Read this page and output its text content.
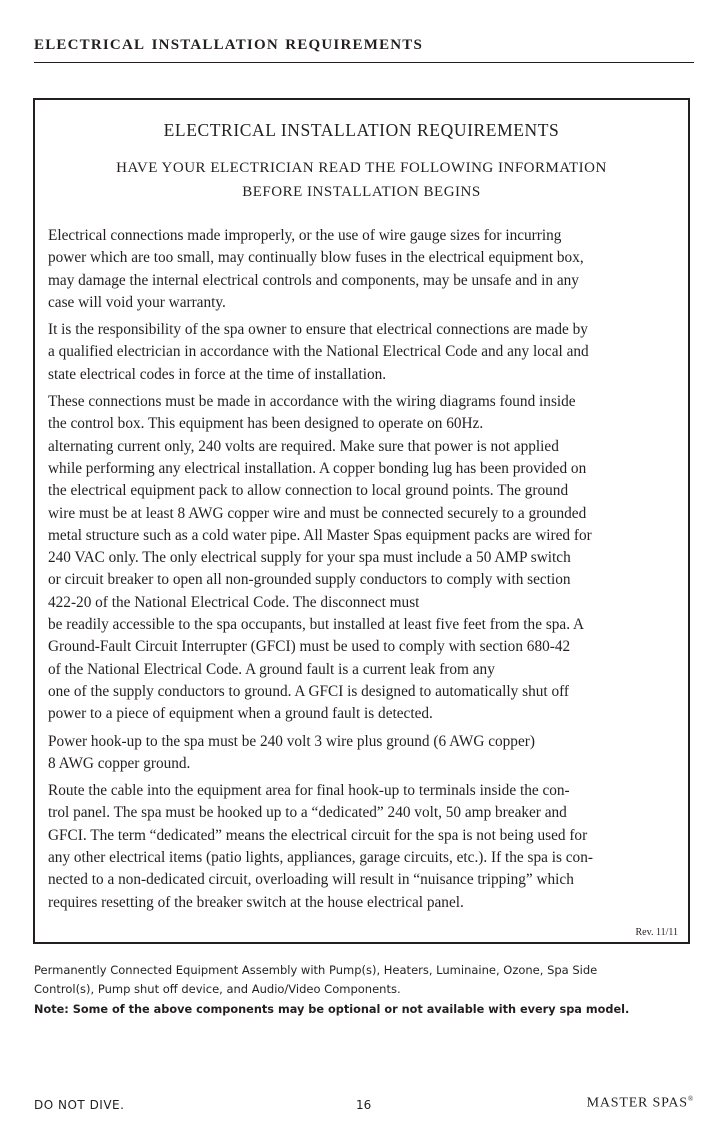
electrical installation requirements
ELECTRICAL INSTALLATION REQUIREMENTS
HAVE YOUR ELECTRICIAN READ THE FOLLOWING INFORMATION
BEFORE INSTALLATION BEGINS

Electrical connections made improperly, or the use of wire gauge sizes for incurring
power which are too small, may continually blow fuses in the electrical equipment box,
may damage the internal electrical controls and components, may be unsafe and in any
case will void your warranty.

It is the responsibility of the spa owner to ensure that electrical connections are made by
a qualified electrician in accordance with the National Electrical Code and any local and
state electrical codes in force at the time of installation.

These connections must be made in accordance with the wiring diagrams found inside
the control box. This equipment has been designed to operate on 60Hz.
alternating current only, 240 volts are required. Make sure that power is not applied
while performing any electrical installation. A copper bonding lug has been provided on
the electrical equipment pack to allow connection to local ground points. The ground
wire must be at least 8 AWG copper wire and must be connected securely to a grounded
metal structure such as a cold water pipe. All Master Spas equipment packs are wired for
240 VAC only. The only electrical supply for your spa must include a 50 AMP switch
or circuit breaker to open all non-grounded supply conductors to comply with section
422-20 of the National Electrical Code. The disconnect must
be readily accessible to the spa occupants, but installed at least five feet from the spa. A
Ground-Fault Circuit Interrupter (GFCI) must be used to comply with section 680-42
of the National Electrical Code. A ground fault is a current leak from any
one of the supply conductors to ground. A GFCI is designed to automatically shut off
power to a piece of equipment when a ground fault is detected.

Power hook-up to the spa must be 240 volt 3 wire plus ground (6 AWG copper)
8 AWG copper ground.

Route the cable into the equipment area for final hook-up to terminals inside the con-
trol panel. The spa must be hooked up to a “dedicated” 240 volt, 50 amp breaker and
GFCI. The term “dedicated” means the electrical circuit for the spa is not being used for
any other electrical items (patio lights, appliances, garage circuits, etc.). If the spa is con-
nected to a non-dedicated circuit, overloading will result in “nuisance tripping” which
requires resetting of the breaker switch at the house electrical panel.

Rev. 11/11
Permanently Connected Equipment Assembly with Pump(s), Heaters, Luminaine, Ozone, Spa Side
Control(s), Pump shut off device, and Audio/Video Components.
Note: Some of the above components may be optional or not available with every spa model.
DO NOT DIVE.	16	MASTER SPAS®
